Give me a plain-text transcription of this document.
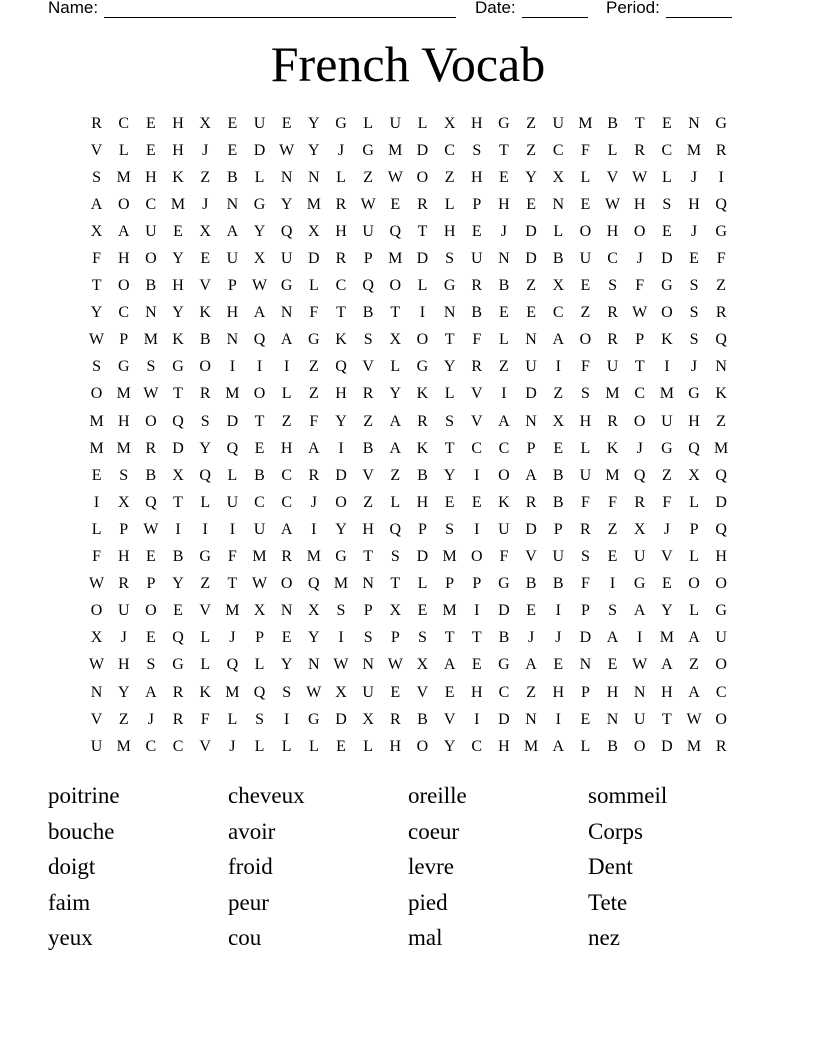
Name:	Date:	Period:
French Vocab
R	C	E	H X	E	U	E	Y G	L	U	L	X H G	Z	U M B	T	E	N G
V	L	E	H	J	E	D W Y	J	G M D	C	S	T	Z	C	F	L	R	C M R
S M H K	Z	B	L	N N	L	Z W O	Z	H	E	Y X	L	V W L	J	I
A O	C M	J	N G Y M R W E	R	L	P	H	E	N	E W H	S	H Q
X A U	E	X A Y Q X H U Q	T	H	E	J	D	L	O H O	E	J	G
F	H O Y	E	U X U D	R	P M D	S	U N D	B	U	C	J	D	E	F
T	O	B	H V	P W G	L	C	Q O	L	G	R	B	Z	X	E	S	F	G	S	Z
Y	C	N Y K H A N	F	T	B	T	I	N	B	E	E	C	Z	R W O	S	R
W P M K	B	N Q A G K	S	X O	T	F	L	N A O	R	P	K	S	Q
S	G	S	G O	I	I	I	Z	Q V	L	G Y	R	Z	U	I	F	U	T	I	J	N
O M W T	R M O	L	Z	H	R	Y K	L	V	I	D	Z	S M C M G K
M H O Q	S	D	T	Z	F	Y	Z	A	R	S	V A N X H	R	O U H	Z
M M R	D Y Q	E	H A	I	B	A K	T	C	C	P	E	L	K	J	G Q M
E	S	B	X Q	L	B	C	R	D V	Z	B	Y	I	O A	B	U M Q	Z	X Q
I	X Q	T	L	U	C	C	J	O	Z	L	H	E	E	K	R	B	F	F	R	F	L	D
L	P W	I	I	I	U A	I	Y H Q	P	S	I	U D	P	R	Z	X	J	P	Q
F	H	E	B	G	F M R M G	T	S	D M O	F	V U	S	E	U V	L	H
W R	P	Y	Z	T W O Q M N	T	L	P	P	G	B	B	F	I	G	E	O O
O U O	E	V M X N X	S	P	X	E M	I	D	E	I	P	S	A Y	L	G
X	J	E	Q	L	J	P	E	Y	I	S	P	S	T	T	B	J	J	D A	I	M A U
W H	S	G	L	Q	L	Y N W N W X A	E	G A	E	N	E W A	Z	O
N Y A	R	K M Q	S W X U	E	V	E	H	C	Z	H	P	H N H A	C
V	Z	J	R	F	L	S	I	G D X	R	B	V	I	D N	I	E	N U	T W O
U M C	C	V	J	L	L	L	E	L	H O Y	C	H M A	L	B	O D M R
poitrine	cheveux	oreille	sommeil
bouche	avoir	coeur	Corps
doigt	froid	levre	Dent
faim	peur	pied	Tete
yeux	cou	mal	nez
